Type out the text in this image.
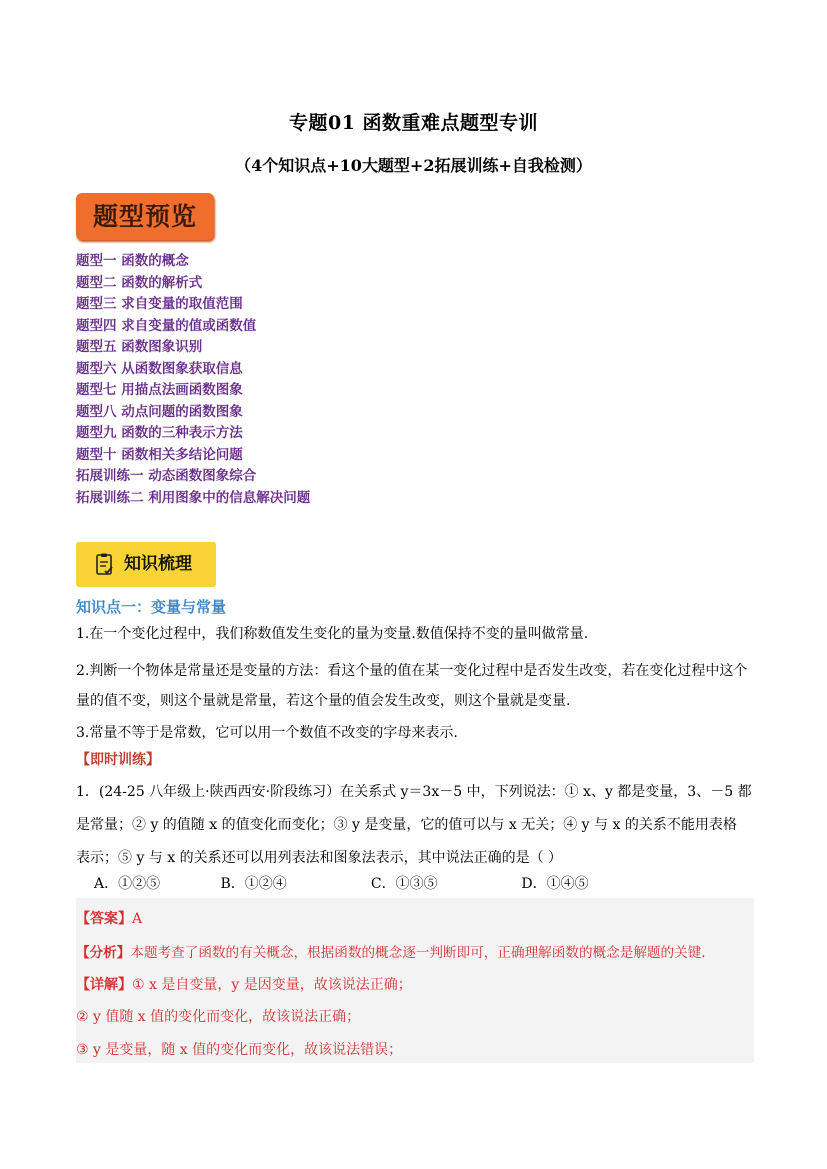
专题01 函数重难点题型专训
（4个知识点+10大题型+2拓展训练+自我检测）
题型预览
题型一 函数的概念
题型二 函数的解析式
题型三 求自变量的取值范围
题型四 求自变量的值或函数值
题型五 函数图象识别
题型六 从函数图象获取信息
题型七 用描点法画函数图象
题型八 动点问题的函数图象
题型九 函数的三种表示方法
题型十 函数相关多结论问题
拓展训练一 动态函数图象综合
拓展训练二 利用图象中的信息解决问题
知识梳理
知识点一：变量与常量
1.在一个变化过程中，我们称数值发生变化的量为变量.数值保持不变的量叫做常量.
2.判断一个物体是常量还是变量的方法：看这个量的值在某一变化过程中是否发生改变，若在变化过程中这个量的值不变，则这个量就是常量，若这个量的值会发生改变，则这个量就是变量.
3.常量不等于是常数，它可以用一个数值不改变的字母来表示.
【即时训练】
1．(24-25 八年级上·陕西西安·阶段练习）在关系式 y＝3x－5 中，下列说法：① x、y 都是变量，3、－5 都
是常量；② y 的值随 x 的值变化而变化；③ y 是变量，它的值可以与 x 无关；④ y 与 x 的关系不能用表格
表示；⑤ y 与 x 的关系还可以用列表法和图象法表示，其中说法正确的是（ ）
A．①②⑤	B．①②④	C．①③⑤	D．①④⑤
【答案】A
【分析】本题考查了函数的有关概念，根据函数的概念逐一判断即可，正确理解函数的概念是解题的关键.
【详解】① x 是自变量，y 是因变量，故该说法正确；
② y 值随 x 值的变化而变化，故该说法正确；
③ y 是变量，随 x 值的变化而变化，故该说法错误；
